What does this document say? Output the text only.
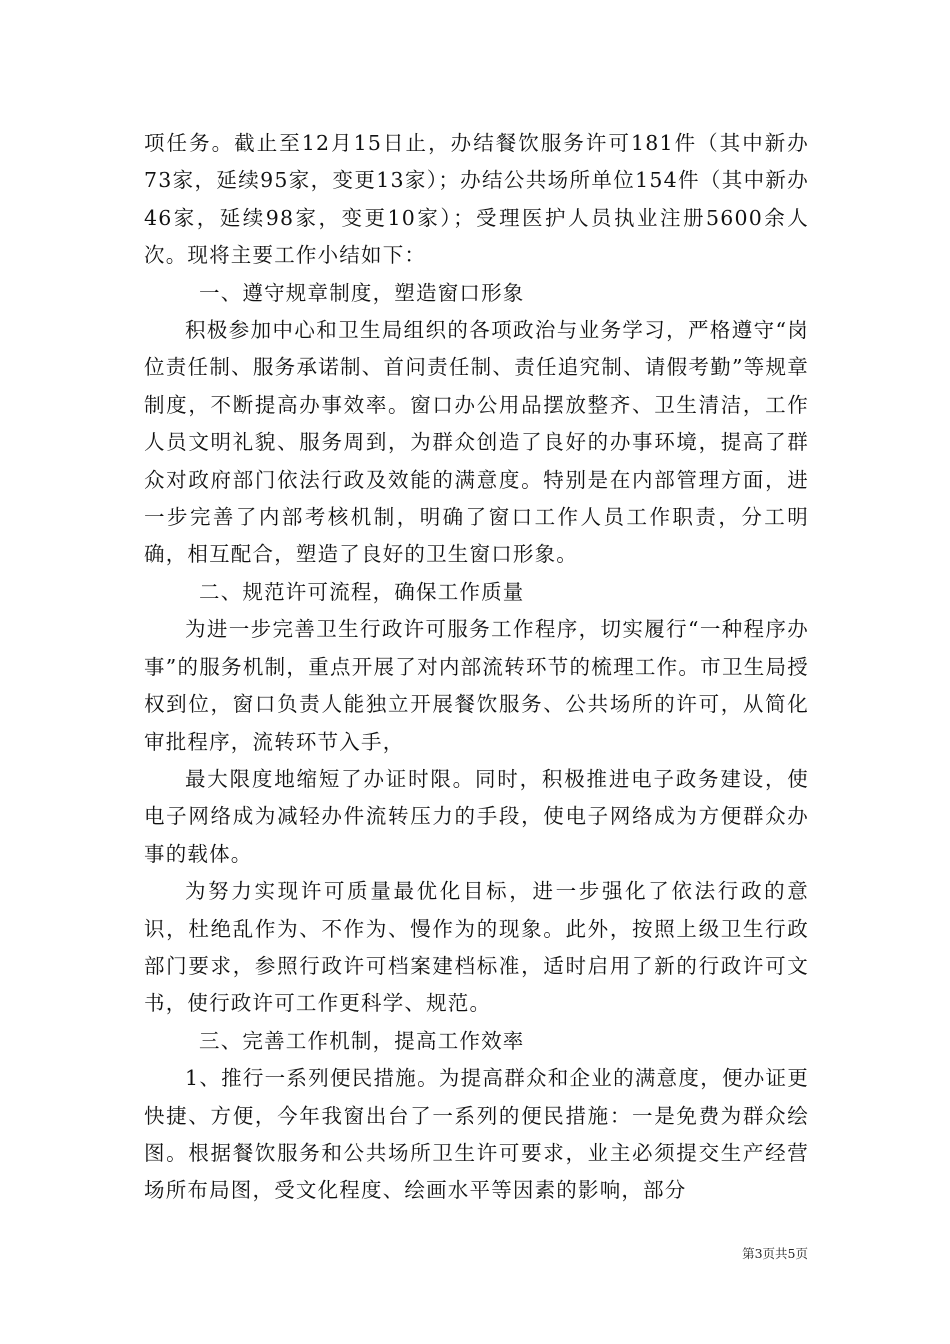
项任务。截止至12月15日止，办结餐饮服务许可181件（其中新办73家，延续95家，变更13家）；办结公共场所单位154件（其中新办46家，延续98家，变更10家）；受理医护人员执业注册5600余人次。现将主要工作小结如下：

一、遵守规章制度，塑造窗口形象

积极参加中心和卫生局组织的各项政治与业务学习，严格遵守“岗位责任制、服务承诺制、首问责任制、责任追究制、请假考勤”等规章制度，不断提高办事效率。窗口办公用品摆放整齐、卫生清洁，工作人员文明礼貌、服务周到，为群众创造了良好的办事环境，提高了群众对政府部门依法行政及效能的满意度。特别是在内部管理方面，进一步完善了内部考核机制，明确了窗口工作人员工作职责，分工明确，相互配合，塑造了良好的卫生窗口形象。

二、规范许可流程，确保工作质量

为进一步完善卫生行政许可服务工作程序，切实履行“一种程序办事”的服务机制，重点开展了对内部流转环节的梳理工作。市卫生局授权到位，窗口负责人能独立开展餐饮服务、公共场所的许可，从简化审批程序，流转环节入手，

最大限度地缩短了办证时限。同时，积极推进电子政务建设，使电子网络成为减轻办件流转压力的手段，使电子网络成为方便群众办事的载体。

为努力实现许可质量最优化目标，进一步强化了依法行政的意识，杜绝乱作为、不作为、慢作为的现象。此外，按照上级卫生行政部门要求，参照行政许可档案建档标准，适时启用了新的行政许可文书，使行政许可工作更科学、规范。

三、完善工作机制，提高工作效率

1、推行一系列便民措施。为提高群众和企业的满意度，便办证更快捷、方便，今年我窗出台了一系列的便民措施：一是免费为群众绘图。根据餐饮服务和公共场所卫生许可要求，业主必须提交生产经营场所布局图，受文化程度、绘画水平等因素的影响，部分

第3页共5页
